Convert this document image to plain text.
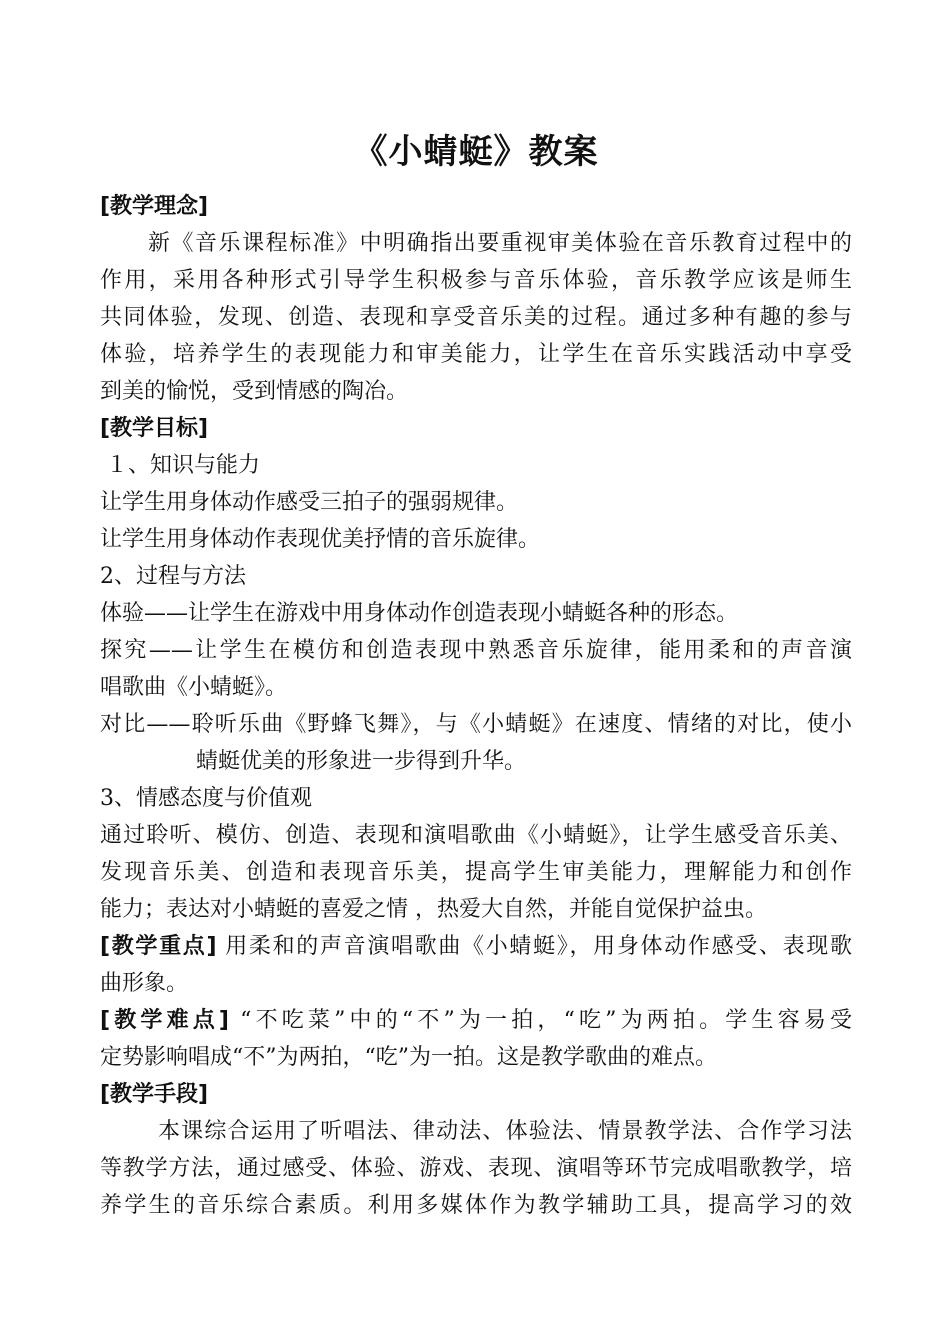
《小蜻蜓》教案
[教学理念]
新《音乐课程标准》中明确指出要重视审美体验在音乐教育过程中的
作用，采用各种形式引导学生积极参与音乐体验，音乐教学应该是师生
共同体验，发现、创造、表现和享受音乐美的过程。通过多种有趣的参与
体验，培养学生的表现能力和审美能力，让学生在音乐实践活动中享受
到美的愉悦，受到情感的陶冶。
[教学目标]
１、知识与能力
让学生用身体动作感受三拍子的强弱规律。
让学生用身体动作表现优美抒情的音乐旋律。
2、过程与方法
体验——让学生在游戏中用身体动作创造表现小蜻蜓各种的形态。
探究——让学生在模仿和创造表现中熟悉音乐旋律，能用柔和的声音演
唱歌曲《小蜻蜓》。
对比——聆听乐曲《野蜂飞舞》，与《小蜻蜓》在速度、情绪的对比，使小
蜻蜓优美的形象进一步得到升华。
3、情感态度与价值观
通过聆听、模仿、创造、表现和演唱歌曲《小蜻蜓》，让学生感受音乐美、
发现音乐美、创造和表现音乐美，提高学生审美能力，理解能力和创作
能力；表达对小蜻蜓的喜爱之情 ，热爱大自然，并能自觉保护益虫。
[教学重点] 用柔和的声音演唱歌曲《小蜻蜓》，用身体动作感受、表现歌
曲形象。
[教学难点] “不吃菜”中的“不”为一拍，“吃”为两拍。学生容易受
定势影响唱成“不”为两拍，“吃”为一拍。这是教学歌曲的难点。
[教学手段]
本课综合运用了听唱法、律动法、体验法、情景教学法、合作学习法
等教学方法，通过感受、体验、游戏、表现、演唱等环节完成唱歌教学，培
养学生的音乐综合素质。利用多媒体作为教学辅助工具，提高学习的效
